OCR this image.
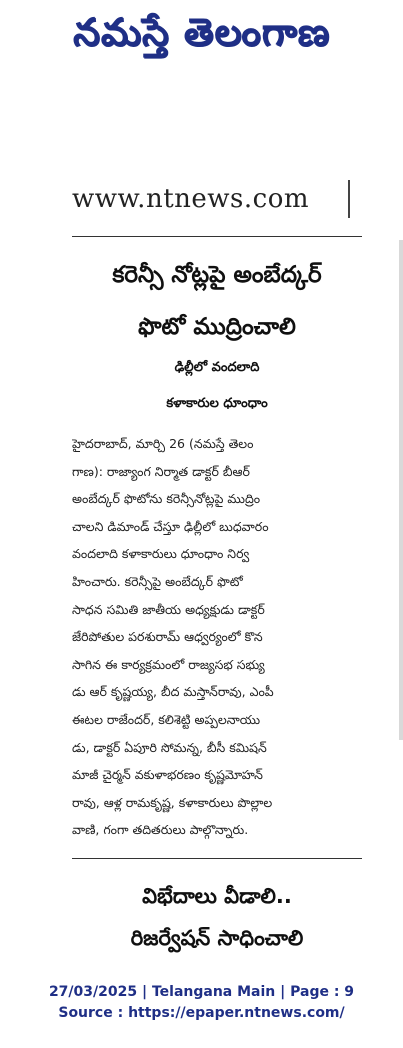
నమస్తే తెలంగాణ
www.ntnews.com
కరెన్సీ నోట్లపై అంబేద్కర్
ఫొటో ముద్రించాలి
ఢిల్లీలో వందలాది
కళాకారుల ధూంధాం
హైదరాబాద్, మార్చి 26 (నమస్తే తెలం
గాణ): రాజ్యాంగ నిర్మాత డాక్టర్ బీఆర్
అంబేద్కర్ ఫొటోను కరెన్సీనోట్లపై ముద్రిం
చాలని డిమాండ్ చేస్తూ ఢిల్లీలో బుధవారం
వందలాది కళాకారులు ధూంధాం నిర్వ
హించారు. కరెన్సీపై అంబేద్కర్ ఫొటో
సాధన సమితి జాతీయ అధ్యక్షుడు డాక్టర్
జేరిపోతుల పరశురామ్ ఆధ్వర్యంలో కొన
సాగిన ఈ కార్యక్రమంలో రాజ్యసభ సభ్యు
డు ఆర్ కృష్ణయ్య, బీద మస్తాన్‌రావు, ఎంపీ
ఈటల రాజేందర్, కలిశెట్టి అప్పలనాయు
డు, డాక్టర్ ఏపూరి సోమన్న, బీసీ కమిషన్
మాజీ చైర్మన్ వకుళాభరణం కృష్ణమోహన్
రావు, ఆళ్ల రామకృష్ణ, కళాకారులు పొల్లాల
వాణి, గంగా తదితరులు పాల్గొన్నారు.
విభేదాలు వీడాలి..
రిజర్వేషన్ సాధించాలి
27/03/2025 | Telangana Main | Page : 9
Source : https://epaper.ntnews.com/
